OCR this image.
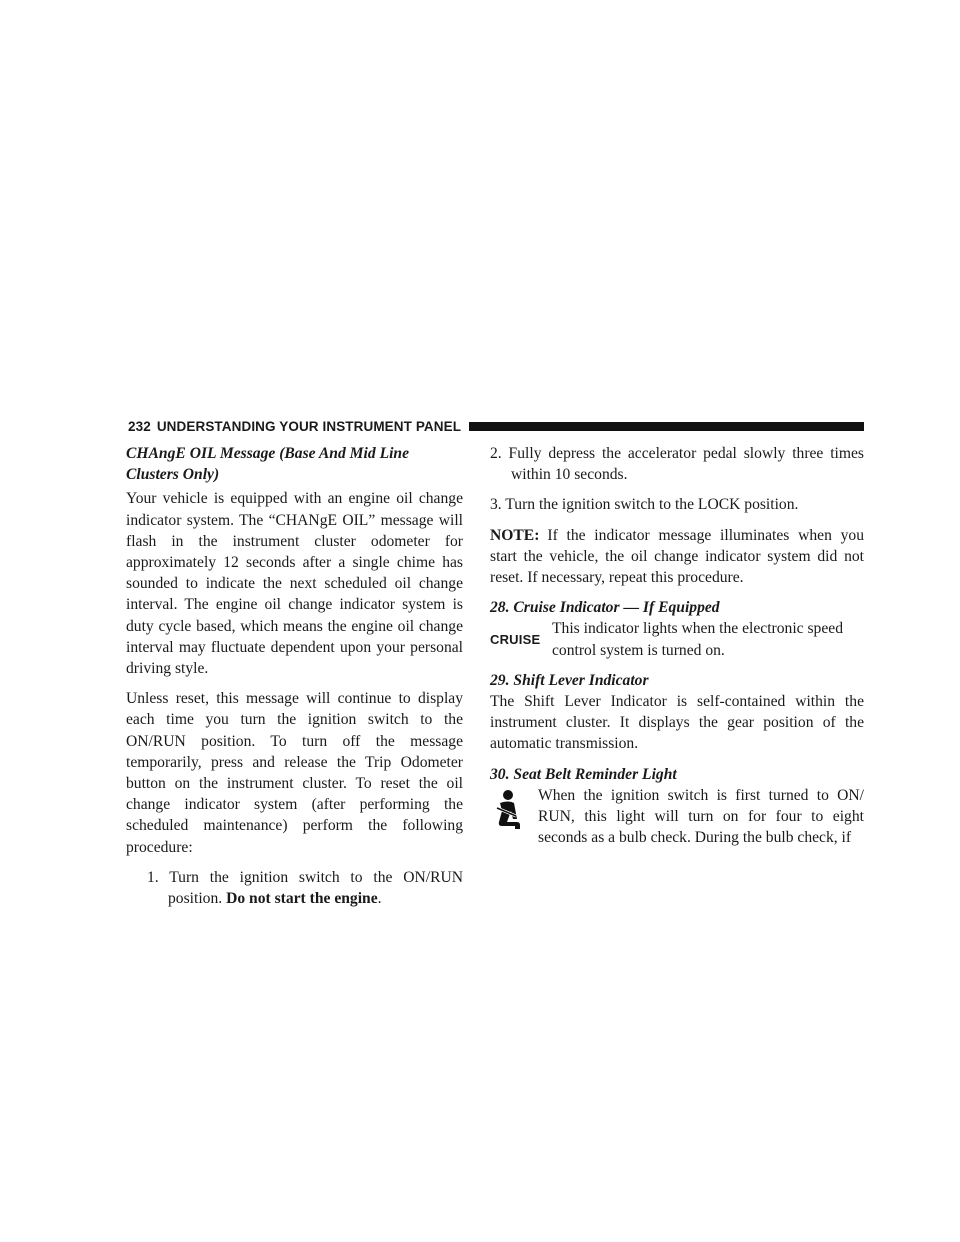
232 UNDERSTANDING YOUR INSTRUMENT PANEL

CHAngE OIL Message (Base And Mid Line Clusters Only)

Your vehicle is equipped with an engine oil change indicator system. The “CHANgE OIL” message will flash in the instrument cluster odometer for approximately 12 seconds after a single chime has sounded to indicate the next scheduled oil change interval. The engine oil change indicator system is duty cycle based, which means the engine oil change interval may fluctuate dependent upon your personal driving style.

Unless reset, this message will continue to display each time you turn the ignition switch to the ON/RUN position. To turn off the message temporarily, press and release the Trip Odometer button on the instrument cluster. To reset the oil change indicator system (after performing the scheduled maintenance) perform the following procedure:

1. Turn the ignition switch to the ON/RUN position. Do not start the engine.

2. Fully depress the accelerator pedal slowly three times within 10 seconds.

3. Turn the ignition switch to the LOCK position.

NOTE: If the indicator message illuminates when you start the vehicle, the oil change indicator system did not reset. If necessary, repeat this procedure.

28. Cruise Indicator — If Equipped

CRUISE

This indicator lights when the electronic speed control system is turned on.

29. Shift Lever Indicator

The Shift Lever Indicator is self-contained within the instrument cluster. It displays the gear position of the automatic transmission.

30. Seat Belt Reminder Light

When the ignition switch is first turned to ON/ RUN, this light will turn on for four to eight seconds as a bulb check. During the bulb check, if
